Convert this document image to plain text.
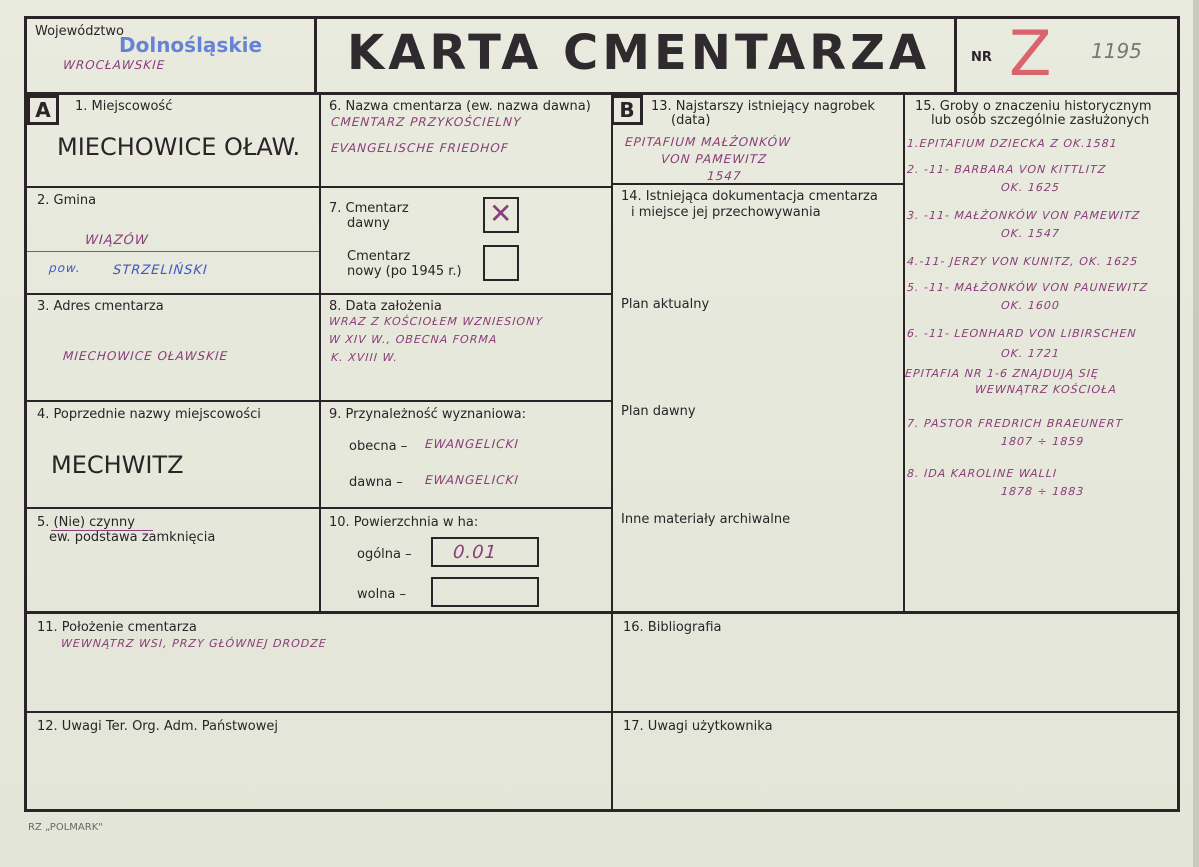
Województwo
Dolnośląskie
WROCŁAWSKIE	KARTA CMENTARZA	NR Z 1195
A	1. Miejscowość
MIECHOWICE OŁAW.
2. Gmina
WIĄZÓW
pow. STRZELIŃSKI
3. Adres cmentarza
MIECHOWICE OŁAWSKIE
4. Poprzednie nazwy miejscowości
MECHWITZ
5. (Nie) czynny
ew. podstawa zamknięcia
6. Nazwa cmentarza (ew. nazwa dawna)
CMENTARZ PRZYKOŚCIELNY
EVANGELISCHE FRIEDHOF
7. Cmentarz
dawny	✕
Cmentarz
nowy (po 1945 r.)
8. Data założenia
WRAZ Z KOŚCIOŁEM WZNIESIONY
W XIV W., OBECNA FORMA
K. XVIII W.
9. Przynależność wyznaniowa:
obecna – EWANGELICKI
dawna – EWANGELICKI
10. Powierzchnia w ha:
ogólna – 0.01
wolna –
B	13. Najstarszy istniejący nagrobek
(data)
EPITAFIUM MAŁŻONKÓW
VON PAMEWITZ
1547
14. Istniejąca dokumentacja cmentarza
i miejsce jej przechowywania
Plan aktualny
Plan dawny
Inne materiały archiwalne
15. Groby o znaczeniu historycznym
lub osób szczególnie zasłużonych
1.EPITAFIUM DZIECKA Z OK.1581
2. -11- BARBARA VON KITTLITZ
OK. 1625
3. -11- MAŁŻONKÓW VON PAMEWITZ
OK. 1547
4.-11- JERZY VON KUNITZ, OK. 1625
5. -11- MAŁŻONKÓW VON PAUNEWITZ
OK. 1600
6. -11- LEONHARD VON LIBIRSCHEN
OK. 1721
EPITAFIA NR 1-6 ZNAJDUJĄ SIĘ
WEWNĄTRZ KOŚCIOŁA
7. PASTOR FREDRICH BRAEUNERT
1807 ÷ 1859
8. IDA KAROLINE WALLI
1878 ÷ 1883
11. Położenie cmentarza
WEWNĄTRZ WSI, PRZY GŁÓWNEJ DRODZE
12. Uwagi Ter. Org. Adm. Państwowej
16. Bibliografia
17. Uwagi użytkownika
RZ „POLMARK"
